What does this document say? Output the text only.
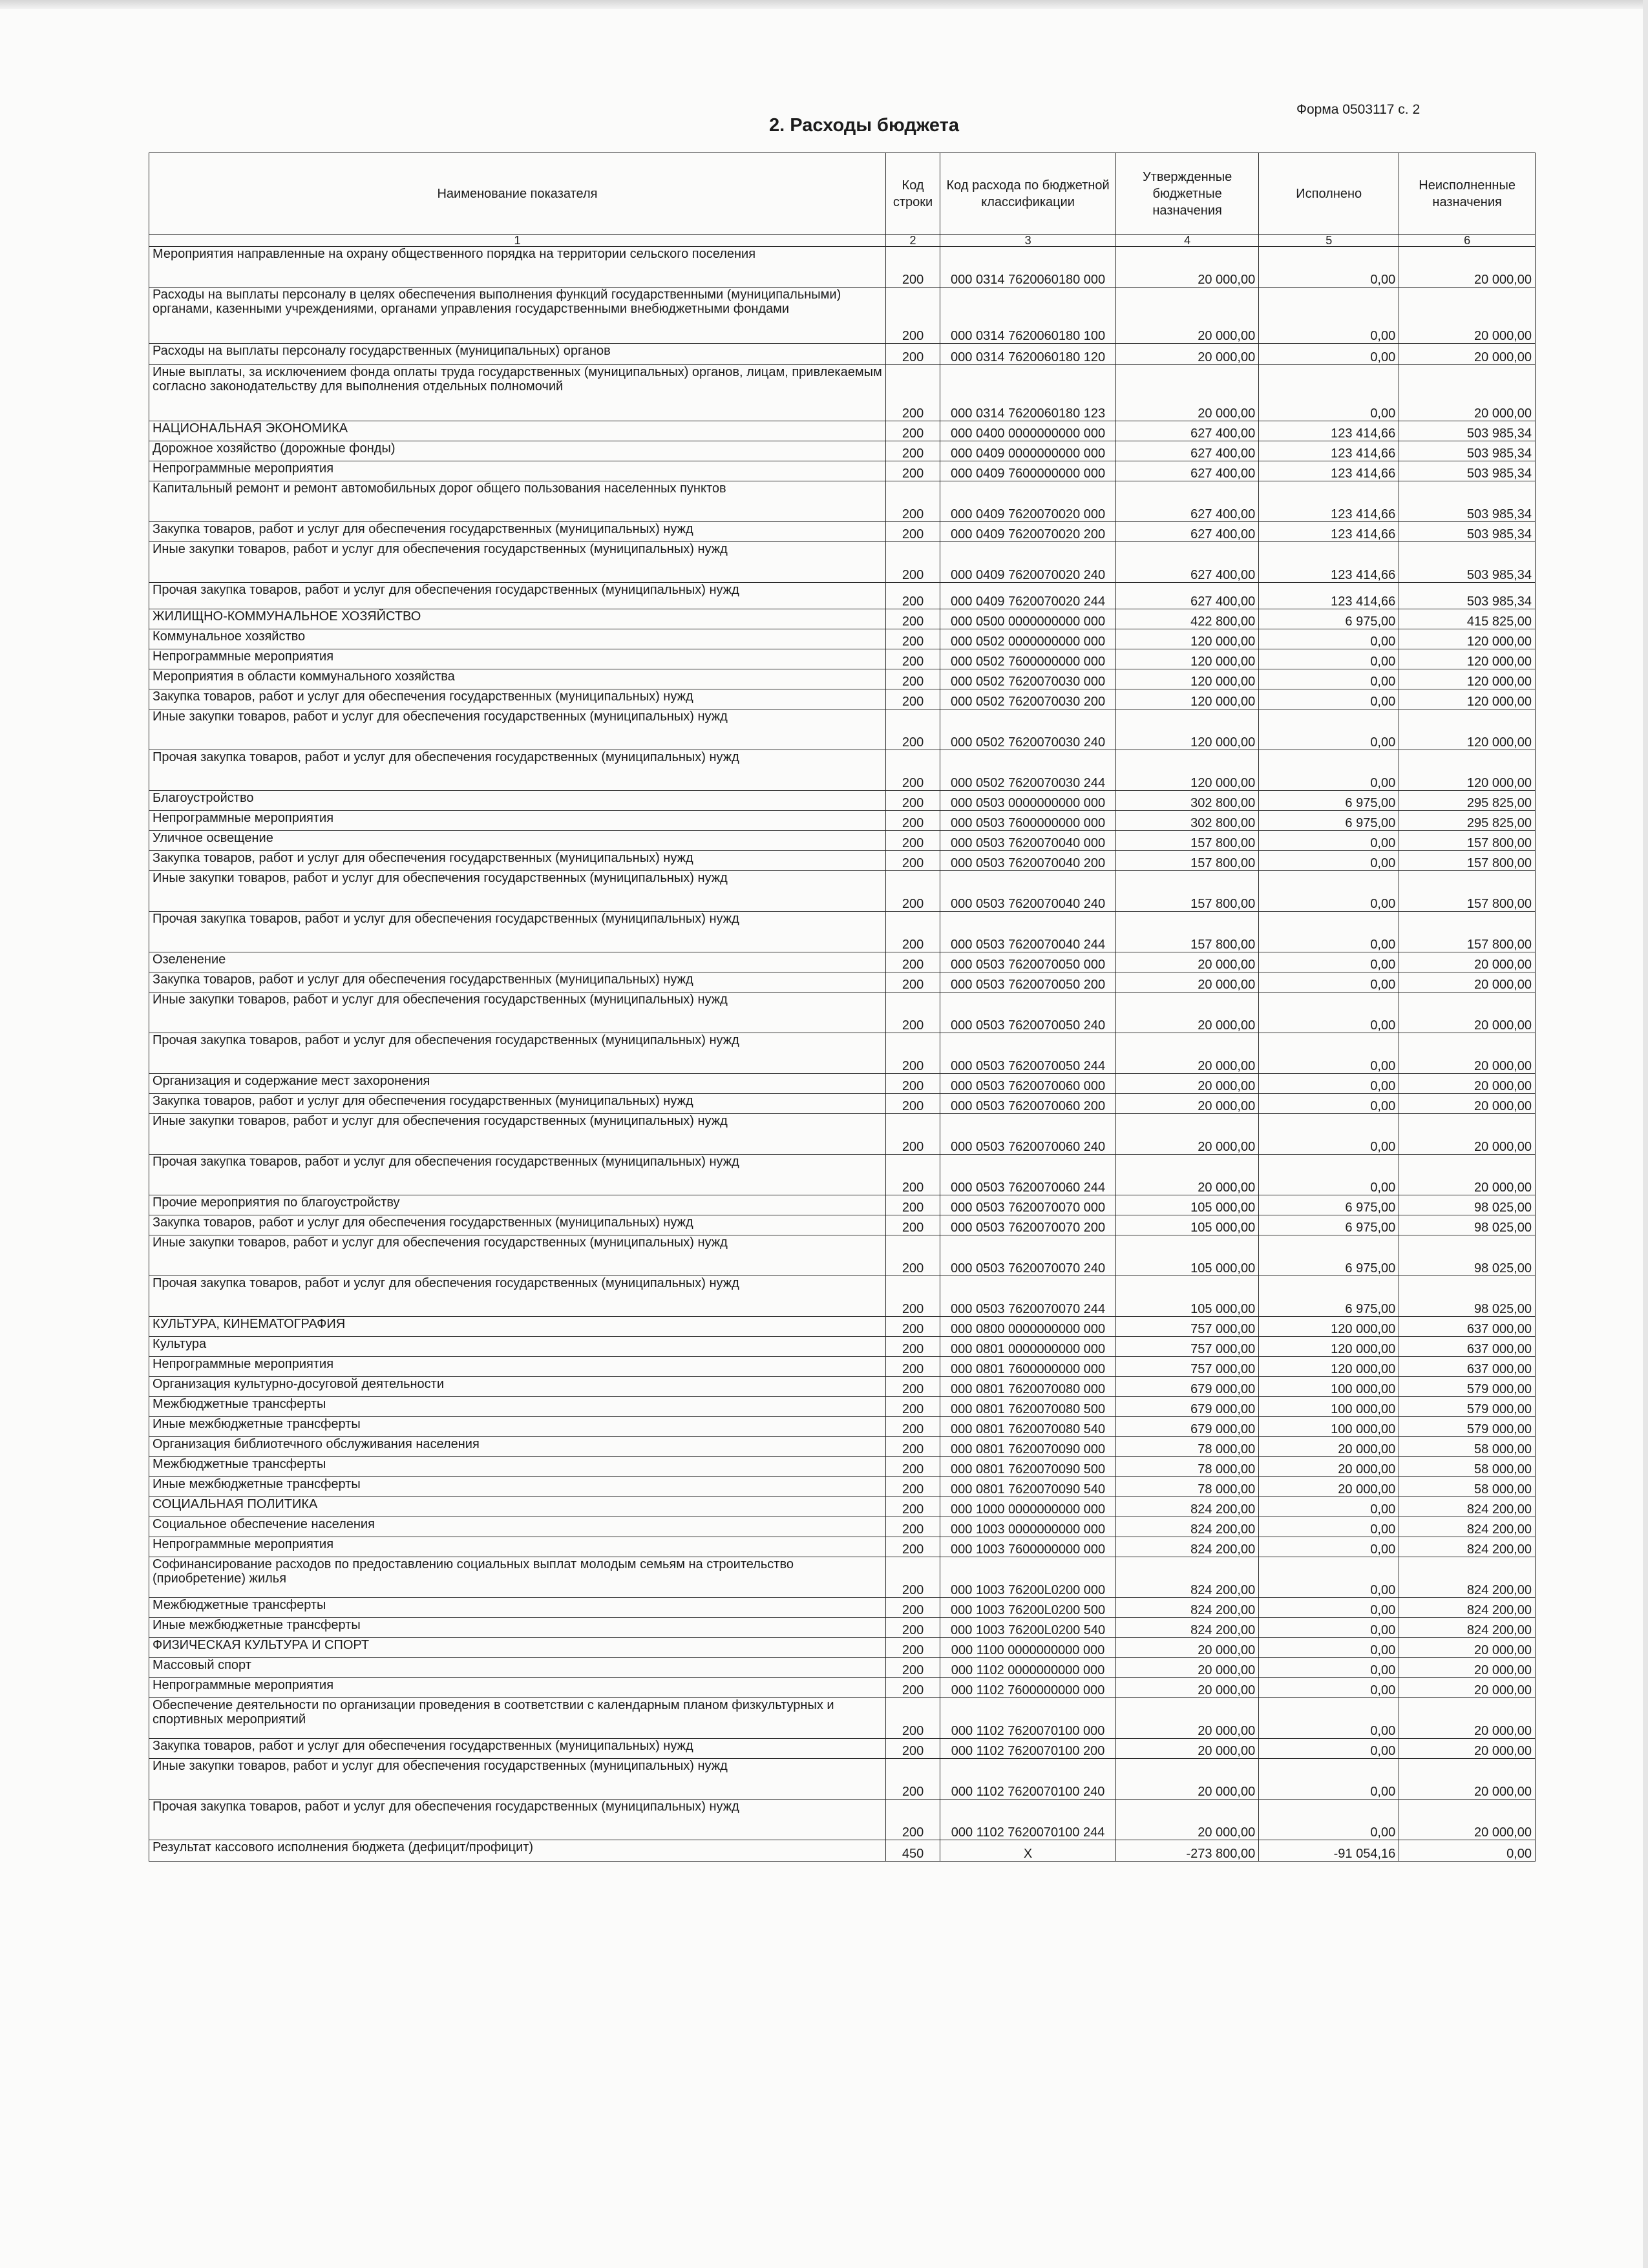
Форма 0503117 с. 2
2. Расходы бюджета
Наименование показателя	Код строки	Код расхода по бюджетной классификации	Утвержденные бюджетные назначения	Исполнено	Неисполненные назначения
1	2	3	4	5	6
Мероприятия направленные на охрану общественного порядка на территории сельского поселения	200	000 0314 7620060180 000	20 000,00	0,00	20 000,00
Расходы на выплаты персоналу в целях обеспечения выполнения функций государственными (муниципальными) органами, казенными учреждениями, органами управления государственными внебюджетными фондами	200	000 0314 7620060180 100	20 000,00	0,00	20 000,00
Расходы на выплаты персоналу государственных (муниципальных) органов	200	000 0314 7620060180 120	20 000,00	0,00	20 000,00
Иные выплаты, за исключением фонда оплаты труда государственных (муниципальных) органов, лицам, привлекаемым согласно законодательству для выполнения отдельных полномочий	200	000 0314 7620060180 123	20 000,00	0,00	20 000,00
НАЦИОНАЛЬНАЯ ЭКОНОМИКА	200	000 0400 0000000000 000	627 400,00	123 414,66	503 985,34
Дорожное хозяйство (дорожные фонды)	200	000 0409 0000000000 000	627 400,00	123 414,66	503 985,34
Непрограммные мероприятия	200	000 0409 7600000000 000	627 400,00	123 414,66	503 985,34
Капитальный ремонт и ремонт автомобильных дорог общего пользования населенных пунктов	200	000 0409 7620070020 000	627 400,00	123 414,66	503 985,34
Закупка товаров, работ и услуг для обеспечения государственных (муниципальных) нужд	200	000 0409 7620070020 200	627 400,00	123 414,66	503 985,34
Иные закупки товаров, работ и услуг для обеспечения государственных (муниципальных) нужд	200	000 0409 7620070020 240	627 400,00	123 414,66	503 985,34
Прочая закупка товаров, работ и услуг для обеспечения государственных (муниципальных) нужд	200	000 0409 7620070020 244	627 400,00	123 414,66	503 985,34
ЖИЛИЩНО-КОММУНАЛЬНОЕ ХОЗЯЙСТВО	200	000 0500 0000000000 000	422 800,00	6 975,00	415 825,00
Коммунальное хозяйство	200	000 0502 0000000000 000	120 000,00	0,00	120 000,00
Непрограммные мероприятия	200	000 0502 7600000000 000	120 000,00	0,00	120 000,00
Мероприятия в области коммунального хозяйства	200	000 0502 7620070030 000	120 000,00	0,00	120 000,00
Закупка товаров, работ и услуг для обеспечения государственных (муниципальных) нужд	200	000 0502 7620070030 200	120 000,00	0,00	120 000,00
Иные закупки товаров, работ и услуг для обеспечения государственных (муниципальных) нужд	200	000 0502 7620070030 240	120 000,00	0,00	120 000,00
Прочая закупка товаров, работ и услуг для обеспечения государственных (муниципальных) нужд	200	000 0502 7620070030 244	120 000,00	0,00	120 000,00
Благоустройство	200	000 0503 0000000000 000	302 800,00	6 975,00	295 825,00
Непрограммные мероприятия	200	000 0503 7600000000 000	302 800,00	6 975,00	295 825,00
Уличное освещение	200	000 0503 7620070040 000	157 800,00	0,00	157 800,00
Закупка товаров, работ и услуг для обеспечения государственных (муниципальных) нужд	200	000 0503 7620070040 200	157 800,00	0,00	157 800,00
Иные закупки товаров, работ и услуг для обеспечения государственных (муниципальных) нужд	200	000 0503 7620070040 240	157 800,00	0,00	157 800,00
Прочая закупка товаров, работ и услуг для обеспечения государственных (муниципальных) нужд	200	000 0503 7620070040 244	157 800,00	0,00	157 800,00
Озеленение	200	000 0503 7620070050 000	20 000,00	0,00	20 000,00
Закупка товаров, работ и услуг для обеспечения государственных (муниципальных) нужд	200	000 0503 7620070050 200	20 000,00	0,00	20 000,00
Иные закупки товаров, работ и услуг для обеспечения государственных (муниципальных) нужд	200	000 0503 7620070050 240	20 000,00	0,00	20 000,00
Прочая закупка товаров, работ и услуг для обеспечения государственных (муниципальных) нужд	200	000 0503 7620070050 244	20 000,00	0,00	20 000,00
Организация и содержание мест захоронения	200	000 0503 7620070060 000	20 000,00	0,00	20 000,00
Закупка товаров, работ и услуг для обеспечения государственных (муниципальных) нужд	200	000 0503 7620070060 200	20 000,00	0,00	20 000,00
Иные закупки товаров, работ и услуг для обеспечения государственных (муниципальных) нужд	200	000 0503 7620070060 240	20 000,00	0,00	20 000,00
Прочая закупка товаров, работ и услуг для обеспечения государственных (муниципальных) нужд	200	000 0503 7620070060 244	20 000,00	0,00	20 000,00
Прочие мероприятия по благоустройству	200	000 0503 7620070070 000	105 000,00	6 975,00	98 025,00
Закупка товаров, работ и услуг для обеспечения государственных (муниципальных) нужд	200	000 0503 7620070070 200	105 000,00	6 975,00	98 025,00
Иные закупки товаров, работ и услуг для обеспечения государственных (муниципальных) нужд	200	000 0503 7620070070 240	105 000,00	6 975,00	98 025,00
Прочая закупка товаров, работ и услуг для обеспечения государственных (муниципальных) нужд	200	000 0503 7620070070 244	105 000,00	6 975,00	98 025,00
КУЛЬТУРА, КИНЕМАТОГРАФИЯ	200	000 0800 0000000000 000	757 000,00	120 000,00	637 000,00
Культура	200	000 0801 0000000000 000	757 000,00	120 000,00	637 000,00
Непрограммные мероприятия	200	000 0801 7600000000 000	757 000,00	120 000,00	637 000,00
Организация культурно-досуговой деятельности	200	000 0801 7620070080 000	679 000,00	100 000,00	579 000,00
Межбюджетные трансферты	200	000 0801 7620070080 500	679 000,00	100 000,00	579 000,00
Иные межбюджетные трансферты	200	000 0801 7620070080 540	679 000,00	100 000,00	579 000,00
Организация библиотечного обслуживания населения	200	000 0801 7620070090 000	78 000,00	20 000,00	58 000,00
Межбюджетные трансферты	200	000 0801 7620070090 500	78 000,00	20 000,00	58 000,00
Иные межбюджетные трансферты	200	000 0801 7620070090 540	78 000,00	20 000,00	58 000,00
СОЦИАЛЬНАЯ ПОЛИТИКА	200	000 1000 0000000000 000	824 200,00	0,00	824 200,00
Социальное обеспечение населения	200	000 1003 0000000000 000	824 200,00	0,00	824 200,00
Непрограммные мероприятия	200	000 1003 7600000000 000	824 200,00	0,00	824 200,00
Софинансирование расходов по предоставлению социальных выплат молодым семьям на строительство (приобретение) жилья	200	000 1003 76200L0200 000	824 200,00	0,00	824 200,00
Межбюджетные трансферты	200	000 1003 76200L0200 500	824 200,00	0,00	824 200,00
Иные межбюджетные трансферты	200	000 1003 76200L0200 540	824 200,00	0,00	824 200,00
ФИЗИЧЕСКАЯ КУЛЬТУРА И СПОРТ	200	000 1100 0000000000 000	20 000,00	0,00	20 000,00
Массовый спорт	200	000 1102 0000000000 000	20 000,00	0,00	20 000,00
Непрограммные мероприятия	200	000 1102 7600000000 000	20 000,00	0,00	20 000,00
Обеспечение деятельности по организации проведения в соответствии с календарным планом физкультурных и спортивных мероприятий	200	000 1102 7620070100 000	20 000,00	0,00	20 000,00
Закупка товаров, работ и услуг для обеспечения государственных (муниципальных) нужд	200	000 1102 7620070100 200	20 000,00	0,00	20 000,00
Иные закупки товаров, работ и услуг для обеспечения государственных (муниципальных) нужд	200	000 1102 7620070100 240	20 000,00	0,00	20 000,00
Прочая закупка товаров, работ и услуг для обеспечения государственных (муниципальных) нужд	200	000 1102 7620070100 244	20 000,00	0,00	20 000,00
Результат кассового исполнения бюджета (дефицит/профицит)	450	X	-273 800,00	-91 054,16	0,00
